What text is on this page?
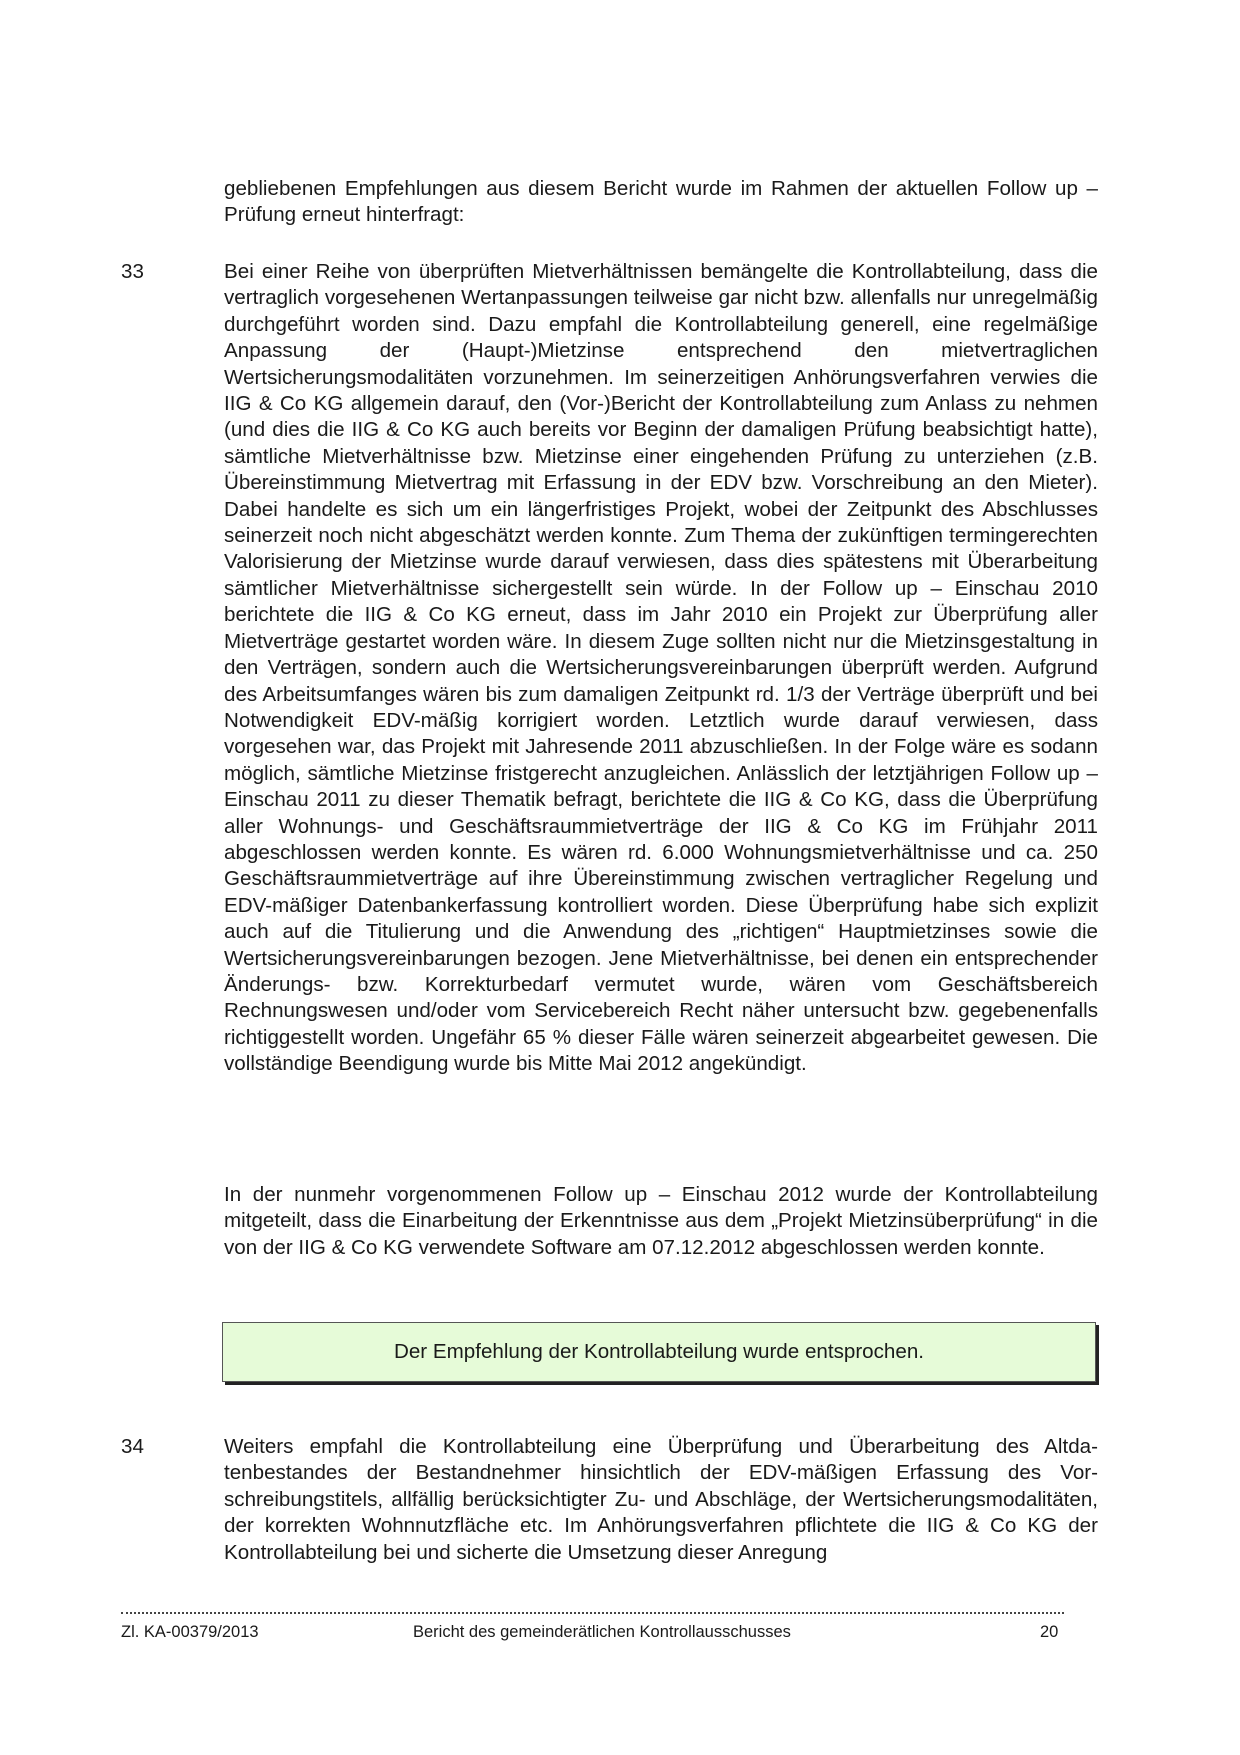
gebliebenen Empfehlungen aus diesem Bericht wurde im Rahmen der aktuellen Follow up – Prüfung erneut hinterfragt:

33	Bei einer Reihe von überprüften Mietverhältnissen bemängelte die Kontrollabteilung, dass die vertraglich vorgesehenen Wertanpassungen teilweise gar nicht bzw. allenfalls nur unregelmäßig durchgeführt worden sind. Dazu empfahl die Kontrollabteilung generell, eine regelmäßige Anpassung der (Haupt-)Mietzinse entsprechend den mietvertraglichen Wertsicherungsmodalitäten vorzunehmen. Im seinerzeitigen Anhörungsverfahren verwies die IIG & Co KG allgemein darauf, den (Vor-)Bericht der Kontrollabteilung zum Anlass zu nehmen (und dies die IIG & Co KG auch bereits vor Beginn der damaligen Prüfung beabsichtigt hatte), sämtliche Mietverhältnisse bzw. Mietzinse einer eingehenden Prüfung zu unterziehen (z.B. Übereinstimmung Mietvertrag mit Erfassung in der EDV bzw. Vorschreibung an den Mieter). Dabei handelte es sich um ein längerfristiges Projekt, wobei der Zeitpunkt des Abschlusses seinerzeit noch nicht abgeschätzt werden konnte. Zum Thema der zukünftigen termingerechten Valorisierung der Mietzinse wurde darauf verwiesen, dass dies spätestens mit Überarbeitung sämtlicher Mietverhältnisse sichergestellt sein würde. In der Follow up – Einschau 2010 berichtete die IIG & Co KG erneut, dass im Jahr 2010 ein Projekt zur Überprüfung aller Mietverträge gestartet worden wäre. In diesem Zuge sollten nicht nur die Mietzinsgestaltung in den Verträgen, sondern auch die Wertsicherungsvereinbarungen überprüft werden. Aufgrund des Arbeitsumfanges wären bis zum damaligen Zeitpunkt rd. 1/3 der Verträge überprüft und bei Notwendigkeit EDV-mäßig korrigiert worden. Letztlich wurde darauf verwiesen, dass vorgesehen war, das Projekt mit Jahresende 2011 abzuschließen. In der Folge wäre es sodann möglich, sämtliche Mietzinse fristgerecht anzugleichen. Anlässlich der letztjährigen Follow up – Einschau 2011 zu dieser Thematik befragt, berichtete die IIG & Co KG, dass die Überprüfung aller Wohnungs- und Geschäftsraummietverträge der IIG & Co KG im Frühjahr 2011 abgeschlossen werden konnte. Es wären rd. 6.000 Wohnungsmietverhältnisse und ca. 250 Geschäftsraummietverträge auf ihre Übereinstimmung zwischen vertraglicher Regelung und EDV-mäßiger Datenbankerfassung kontrolliert worden. Diese Überprüfung habe sich explizit auch auf die Titulierung und die Anwendung des „richtigen“ Hauptmietzinses sowie die Wertsicherungsvereinbarungen bezogen. Jene Mietverhältnisse, bei denen ein entsprechender Änderungs- bzw. Korrekturbedarf vermutet wurde, wären vom Geschäftsbereich Rechnungswesen und/oder vom Servicebereich Recht näher untersucht bzw. gegebenenfalls richtiggestellt worden. Ungefähr 65 % dieser Fälle wären seinerzeit abgearbeitet gewesen. Die vollständige Beendigung wurde bis Mitte Mai 2012 angekündigt.

In der nunmehr vorgenommenen Follow up – Einschau 2012 wurde der Kontrollabteilung mitgeteilt, dass die Einarbeitung der Erkenntnisse aus dem „Projekt Mietzinsüberprüfung“ in die von der IIG & Co KG verwendete Software am 07.12.2012 abgeschlossen werden konnte.

Der Empfehlung der Kontrollabteilung wurde entsprochen.
34	Weiters empfahl die Kontrollabteilung eine Überprüfung und Überarbeitung des Altdatenbestandes der Bestandnehmer hinsichtlich der EDV-mäßigen Erfassung des Vorschreibungstitels, allfällig berücksichtigter Zu- und Abschläge, der Wertsicherungsmodalitäten, der korrekten Wohnnutzfläche etc. Im Anhörungsverfahren pflichtete die IIG & Co KG der Kontrollabteilung bei und sicherte die Umsetzung dieser Anregung

Zl. KA-00379/2013	Bericht des gemeinderätlichen Kontrollausschusses	20
